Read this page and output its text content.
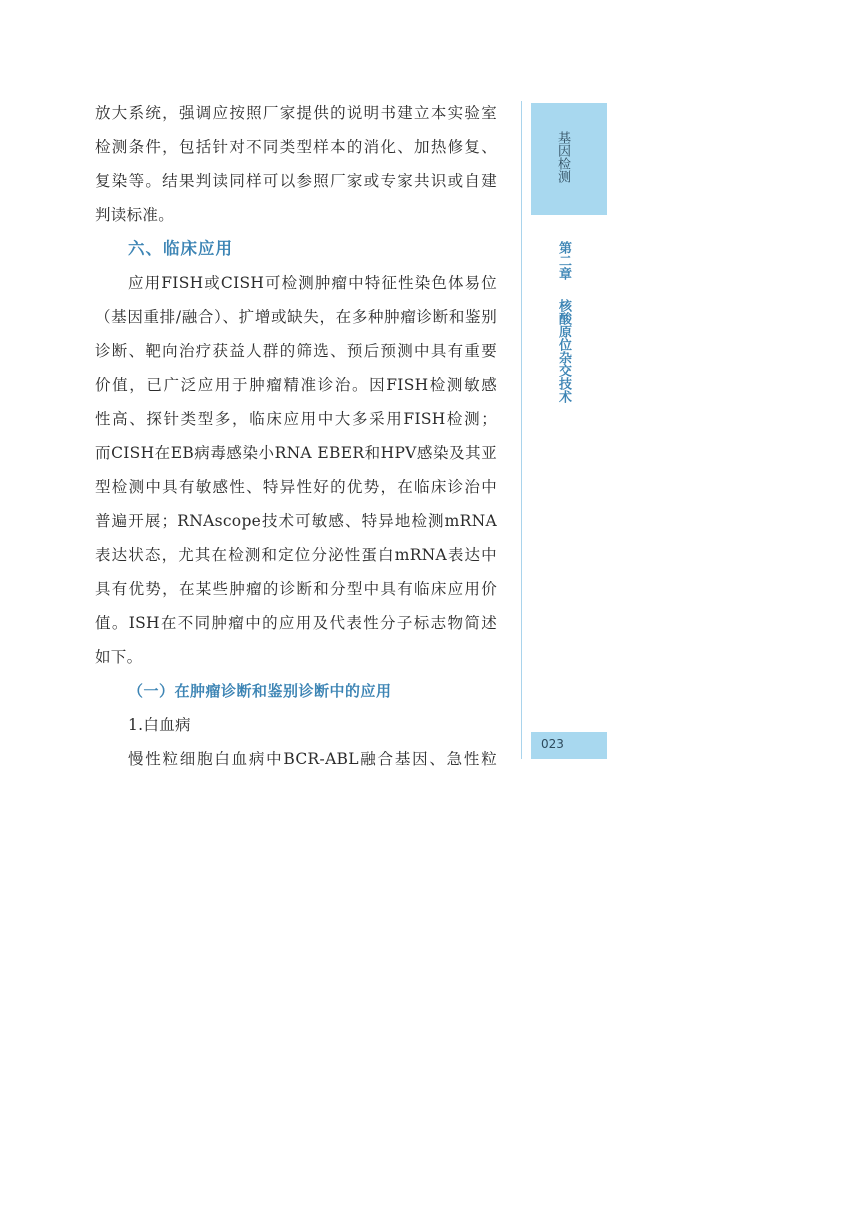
放大系统，强调应按照厂家提供的说明书建立本实验室
检测条件，包括针对不同类型样本的消化、加热修复、
复染等。结果判读同样可以参照厂家或专家共识或自建
判读标准。
六、临床应用
应用FISH或CISH可检测肿瘤中特征性染色体易位
（基因重排/融合）、扩增或缺失，在多种肿瘤诊断和鉴别
诊断、靶向治疗获益人群的筛选、预后预测中具有重要
价值，已广泛应用于肿瘤精准诊治。因FISH检测敏感
性高、探针类型多，临床应用中大多采用FISH检测；
而CISH在EB病毒感染小RNA EBER和HPV感染及其亚
型检测中具有敏感性、特异性好的优势，在临床诊治中
普遍开展；RNAscope技术可敏感、特异地检测mRNA
表达状态，尤其在检测和定位分泌性蛋白mRNA表达中
具有优势，在某些肿瘤的诊断和分型中具有临床应用价
值。ISH在不同肿瘤中的应用及代表性分子标志物简述
如下。
（一）在肿瘤诊断和鉴别诊断中的应用
1.白血病
慢性粒细胞白血病中BCR-ABL融合基因、急性粒
基因检测
第二章
核酸原位杂交技术
023
